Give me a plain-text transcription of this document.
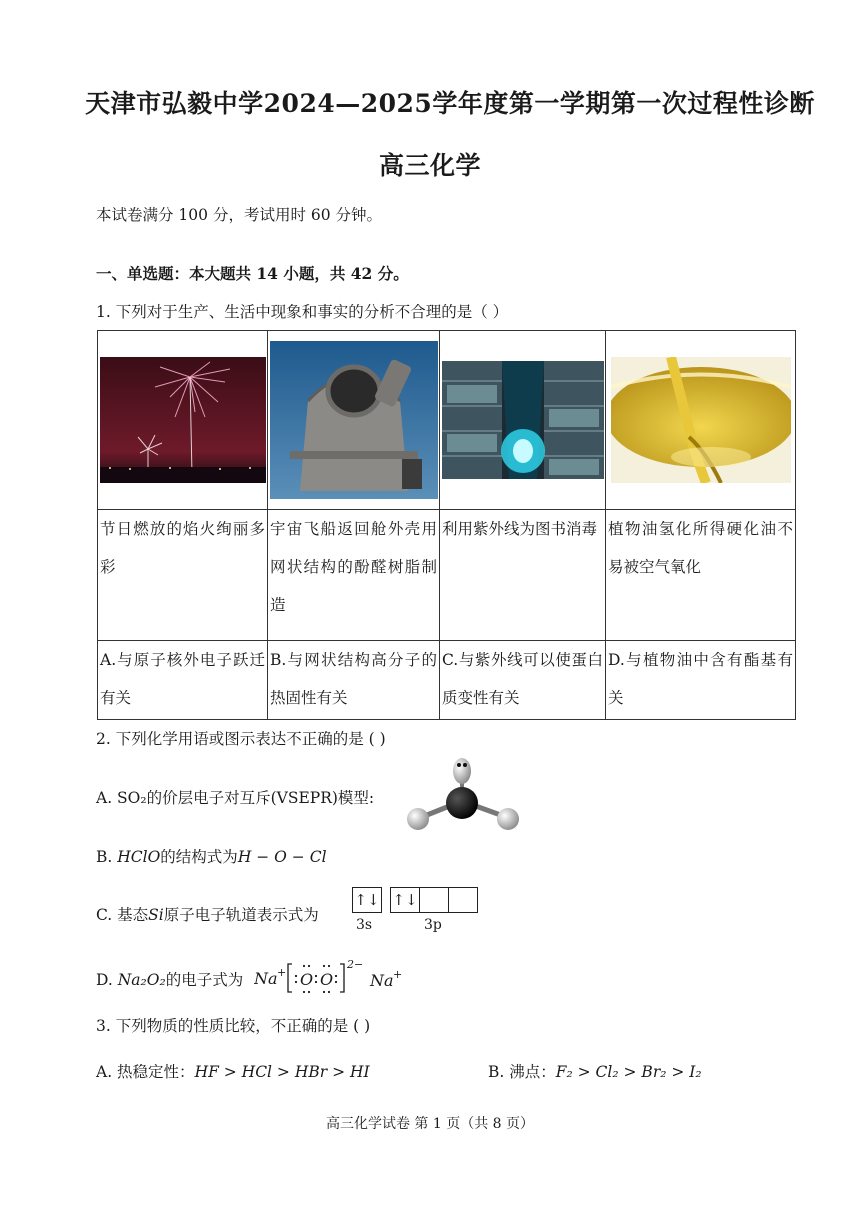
天津市弘毅中学2024—2025学年度第一学期第一次过程性诊断
高三化学
本试卷满分 100 分，考试用时 60 分钟。
一、单选题：本大题共 14 小题，共 42 分。
1. 下列对于生产、生活中现象和事实的分析不合理的是（ ）

节日燃放的焰火绚丽多彩	宇宙飞船返回舱外壳用网状结构的酚醛树脂制造	利用紫外线为图书消毒	植物油氢化所得硬化油不易被空气氧化
A.与原子核外电子跃迁有关	B.与网状结构高分子的热固性有关	C.与紫外线可以使蛋白质变性有关	D.与植物油中含有酯基有关
2. 下列化学用语或图示表达不正确的是 ( )
A. SO₂的价层电子对互斥(VSEPR)模型:
B. HClO的结构式为H − O − Cl
C. 基态Si原子电子轨道表示式为
↑↓ ↑↓
3s	3p
D. Na₂O₂的电子式为 Na + O O
2−
Na +
3. 下列物质的性质比较，不正确的是 ( )
A. 热稳定性：HF > HCl > HBr > HI	B. 沸点：F₂ > Cl₂ > Br₂ > I₂
高三化学试卷 第 1 页（共 8 页）
